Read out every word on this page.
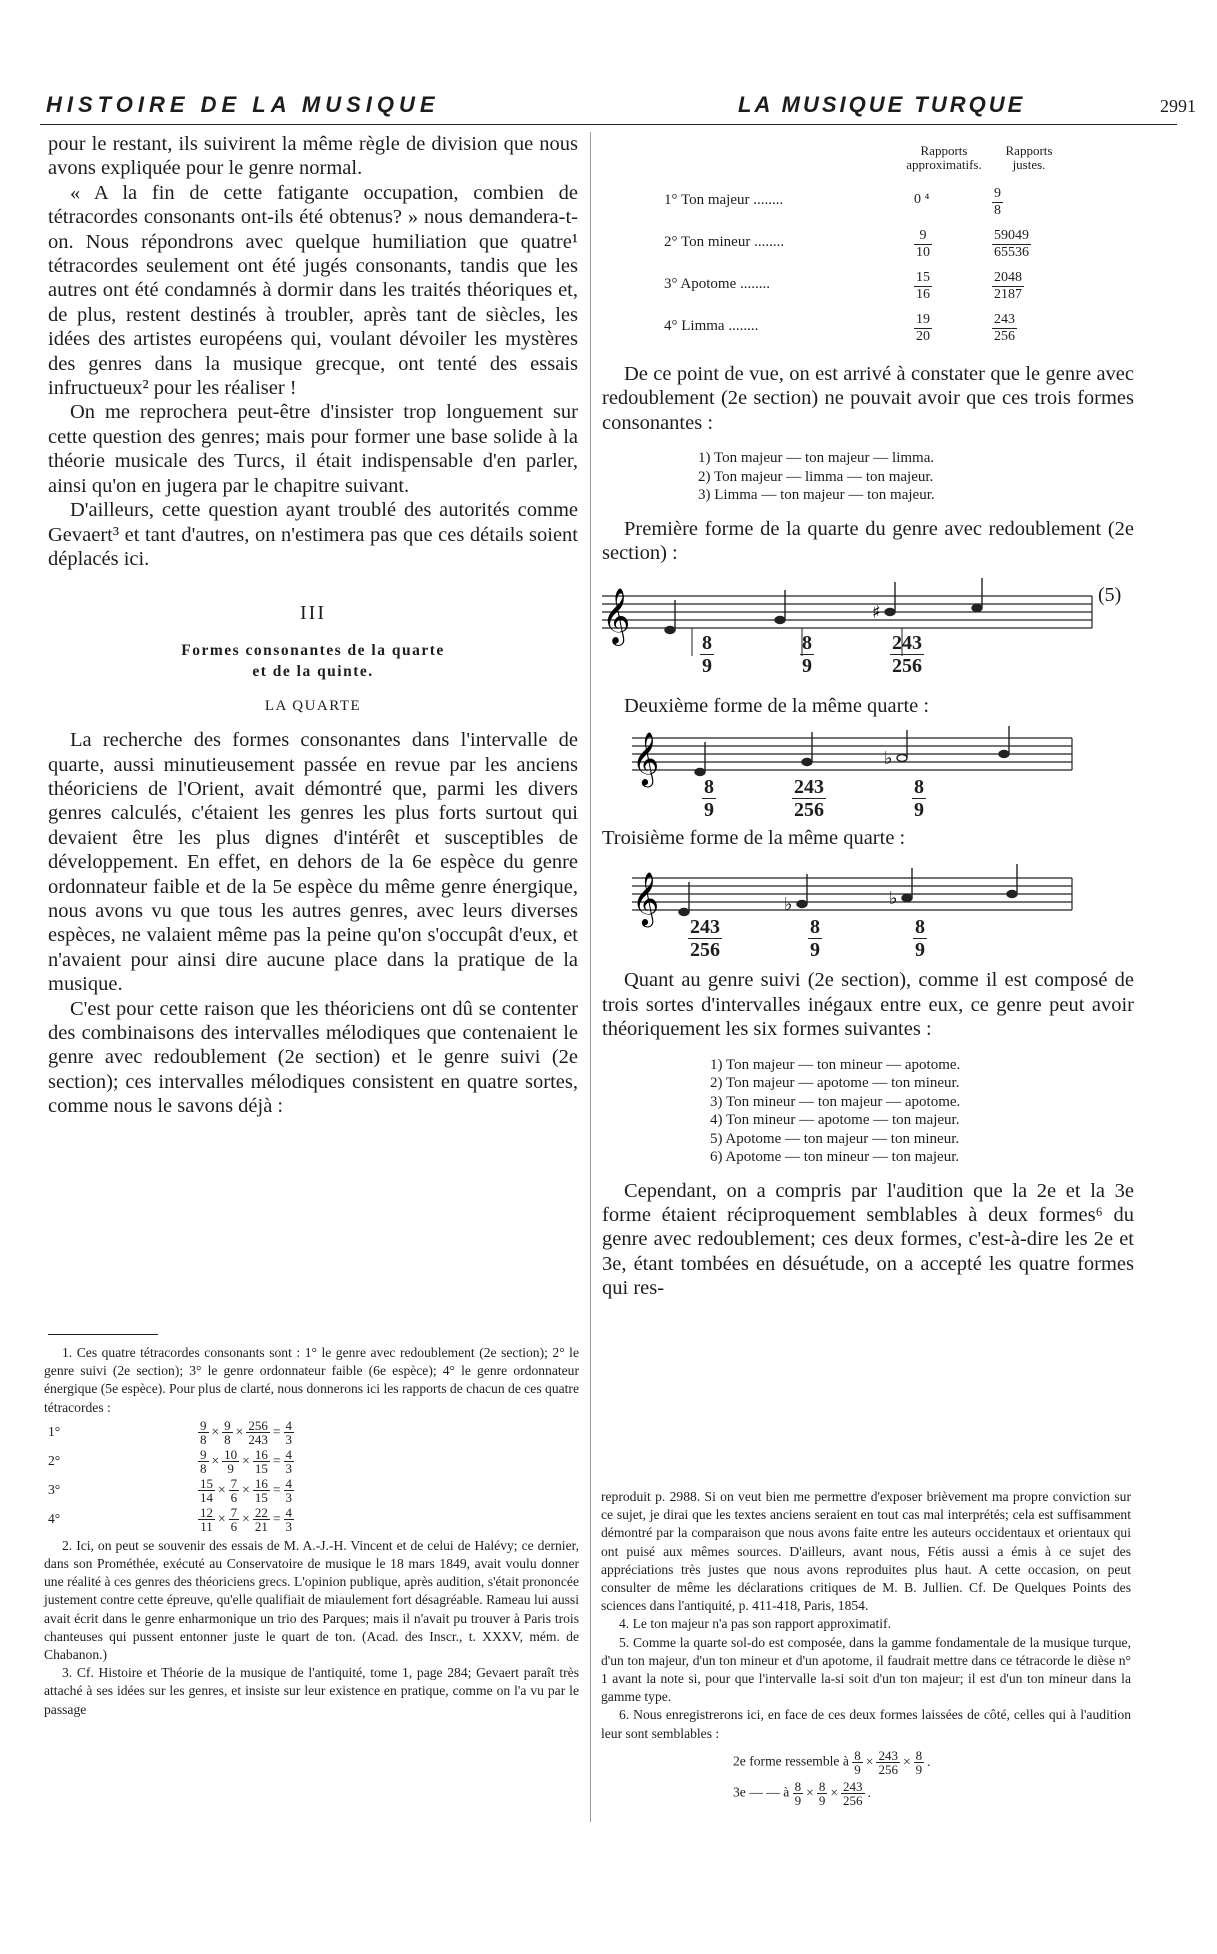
HISTOIRE DE LA MUSIQUE	LA MUSIQUE TURQUE	2991

pour le restant, ils suivirent la même règle de division que nous avons expliquée pour le genre normal.

« A la fin de cette fatigante occupation, combien de tétracordes consonants ont-ils été obtenus? » nous demandera-t-on. Nous répondrons avec quelque humiliation que quatre¹ tétracordes seulement ont été jugés consonants, tandis que les autres ont été condamnés à dormir dans les traités théoriques et, de plus, restent destinés à troubler, après tant de siècles, les idées des artistes européens qui, voulant dévoiler les mystères des genres dans la musique grecque, ont tenté des essais infructueux² pour les réaliser !

On me reprochera peut-être d'insister trop longuement sur cette question des genres; mais pour former une base solide à la théorie musicale des Turcs, il était indispensable d'en parler, ainsi qu'on en jugera par le chapitre suivant.

D'ailleurs, cette question ayant troublé des autorités comme Gevaert³ et tant d'autres, on n'estimera pas que ces détails soient déplacés ici.

III
Formes consonantes de la quarte
et de la quinte.
LA QUARTE

La recherche des formes consonantes dans l'intervalle de quarte, aussi minutieusement passée en revue par les anciens théoriciens de l'Orient, avait démontré que, parmi les divers genres calculés, c'étaient les genres les plus forts surtout qui devaient être les plus dignes d'intérêt et susceptibles de développement. En effet, en dehors de la 6e espèce du genre ordonnateur faible et de la 5e espèce du même genre énergique, nous avons vu que tous les autres genres, avec leurs diverses espèces, ne valaient même pas la peine qu'on s'occupât d'eux, et n'avaient pour ainsi dire aucune place dans la pratique de la musique.

C'est pour cette raison que les théoriciens ont dû se contenter des combinaisons des intervalles mélodiques que contenaient le genre avec redoublement (2e section) et le genre suivi (2e section); ces intervalles mélodiques consistent en quatre sortes, comme nous le savons déjà :

1. Ces quatre tétracordes consonants sont : 1° le genre avec redoublement (2e section); 2° le genre suivi (2e section); 3° le genre ordonnateur faible (6e espèce); 4° le genre ordonnateur énergique (5e espèce). Pour plus de clarté, nous donnerons ici les rapports de chacun de ces quatre tétracordes :

1°	$\frac{9}{8} \times \frac{9}{8} \times \frac{256}{243} = \frac{4}{3}$
2°	$\frac{9}{8} \times \frac{10}{9} \times \frac{16}{15} = \frac{4}{3}$
3°	$\frac{15}{14} \times \frac{7}{6} \times \frac{16}{15} = \frac{4}{3}$
4°	$\frac{12}{11} \times \frac{7}{6} \times \frac{22}{21} = \frac{4}{3}$

2. Ici, on peut se souvenir des essais de M. A.-J.-H. Vincent et de celui de Halévy; ce dernier, dans son Prométhée, exécuté au Conservatoire de musique le 18 mars 1849, avait voulu donner une réalité à ces genres des théoriciens grecs. L'opinion publique, après audition, s'était prononcée justement contre cette épreuve, qu'elle qualifiait de miaulement fort désagréable. Rameau lui aussi avait écrit dans le genre enharmonique un trio des Parques; mais il n'avait pu trouver à Paris trois chanteuses qui pussent entonner juste le quart de ton. (Acad. des Inscr., t. XXXV, mém. de Chabanon.)

3. Cf. Histoire et Théorie de la musique de l'antiquité, tome 1, page 284; Gevaert paraît très attaché à ses idées sur les genres, et insiste sur leur existence en pratique, comme on l'a vu par le passage

Rapports approximatifs.
Rapports justes.
1° Ton majeur ........	0 ⁴	$\frac{9}{8}$
2° Ton mineur ........	$\frac{9}{10}$	$\frac{59049}{65536}$
3° Apotome ........	$\frac{15}{16}$	$\frac{2048}{2187}$
4° Limma ........	$\frac{19}{20}$	$\frac{243}{256}$

De ce point de vue, on est arrivé à constater que le genre avec redoublement (2e section) ne pouvait avoir que ces trois formes consonantes :

1) Ton majeur — ton majeur — limma.
2) Ton majeur — limma — ton majeur.
3) Limma — ton majeur — ton majeur.

Première forme de la quarte du genre avec redoublement (2e section) :

𝄞	♯
(5)
$\frac{8}{9}$	$\frac{8}{9}$	$\frac{243}{256}$

Deuxième forme de la même quarte :

𝄞	♭
$\frac{8}{9}$	$\frac{243}{256}$	$\frac{8}{9}$

Troisième forme de la même quarte :

𝄞	♭	♭
$\frac{243}{256}$	$\frac{8}{9}$	$\frac{8}{9}$

Quant au genre suivi (2e section), comme il est composé de trois sortes d'intervalles inégaux entre eux, ce genre peut avoir théoriquement les six formes suivantes :

1) Ton majeur — ton mineur — apotome.
2) Ton majeur — apotome — ton mineur.
3) Ton mineur — ton majeur — apotome.
4) Ton mineur — apotome — ton majeur.
5) Apotome — ton majeur — ton mineur.
6) Apotome — ton mineur — ton majeur.

Cependant, on a compris par l'audition que la 2e et la 3e forme étaient réciproquement semblables à deux formes⁶ du genre avec redoublement; ces deux formes, c'est-à-dire les 2e et 3e, étant tombées en désuétude, on a accepté les quatre formes qui res-

reproduit p. 2988. Si on veut bien me permettre d'exposer brièvement ma propre conviction sur ce sujet, je dirai que les textes anciens seraient en tout cas mal interprétés; cela est suffisamment démontré par la comparaison que nous avons faite entre les auteurs occidentaux et orientaux qui ont puisé aux mêmes sources. D'ailleurs, avant nous, Fétis aussi a émis à ce sujet des appréciations très justes que nous avons reproduites plus haut. A cette occasion, on peut consulter de même les déclarations critiques de M. B. Jullien. Cf. De Quelques Points des sciences dans l'antiquité, p. 411-418, Paris, 1854.

4. Le ton majeur n'a pas son rapport approximatif.

5. Comme la quarte sol-do est composée, dans la gamme fondamentale de la musique turque, d'un ton majeur, d'un ton mineur et d'un apotome, il faudrait mettre dans ce tétracorde le dièse n° 1 avant la note si, pour que l'intervalle la-si soit d'un ton majeur; il est d'un ton mineur dans la gamme type.

6. Nous enregistrerons ici, en face de ces deux formes laissées de côté, celles qui à l'audition leur sont semblables :

2e forme ressemble à $\frac{8}{9} \times \frac{243}{256} \times \frac{8}{9}$ .
3e — — à $\frac{8}{9} \times \frac{8}{9} \times \frac{243}{256}$ .
